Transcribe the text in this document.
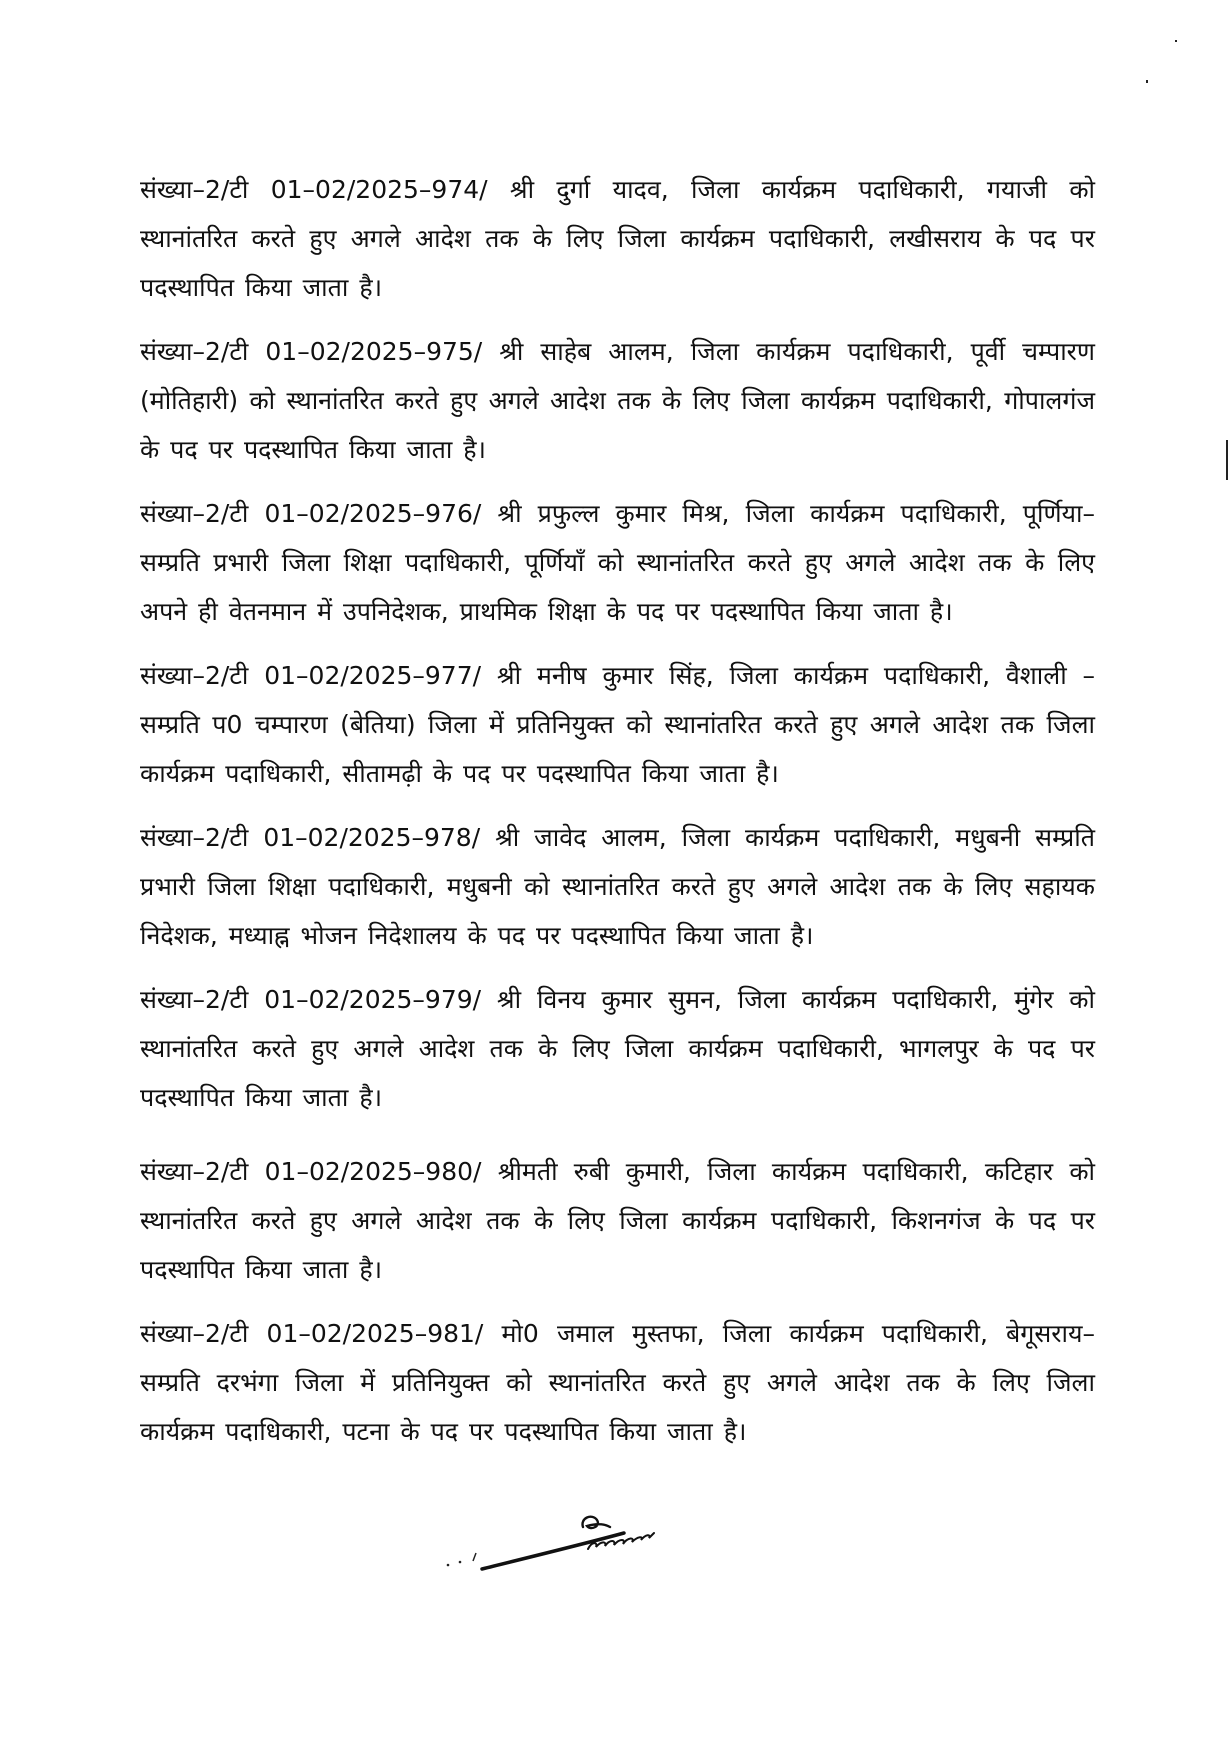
संख्या–2/टी 01–02/2025–974/ श्री दुर्गा यादव, जिला कार्यक्रम पदाधिकारी, गयाजी को स्थानांतरित करते हुए अगले आदेश तक के लिए जिला कार्यक्रम पदाधिकारी, लखीसराय के पद पर पदस्थापित किया जाता है।

संख्या–2/टी 01–02/2025–975/ श्री साहेब आलम, जिला कार्यक्रम पदाधिकारी, पूर्वी चम्पारण (मोतिहारी) को स्थानांतरित करते हुए अगले आदेश तक के लिए जिला कार्यक्रम पदाधिकारी, गोपालगंज के पद पर पदस्थापित किया जाता है।

संख्या–2/टी 01–02/2025–976/ श्री प्रफुल्ल कुमार मिश्र, जिला कार्यक्रम पदाधिकारी, पूर्णिया–सम्प्रति प्रभारी जिला शिक्षा पदाधिकारी, पूर्णियाँ को स्थानांतरित करते हुए अगले आदेश तक के लिए अपने ही वेतनमान में उपनिदेशक, प्राथमिक शिक्षा के पद पर पदस्थापित किया जाता है।

संख्या–2/टी 01–02/2025–977/ श्री मनीष कुमार सिंह, जिला कार्यक्रम पदाधिकारी, वैशाली –सम्प्रति प0 चम्पारण (बेतिया) जिला में प्रतिनियुक्त को स्थानांतरित करते हुए अगले आदेश तक जिला कार्यक्रम पदाधिकारी, सीतामढ़ी के पद पर पदस्थापित किया जाता है।

संख्या–2/टी 01–02/2025–978/ श्री जावेद आलम, जिला कार्यक्रम पदाधिकारी, मधुबनी सम्प्रति प्रभारी जिला शिक्षा पदाधिकारी, मधुबनी को स्थानांतरित करते हुए अगले आदेश तक के लिए सहायक निदेशक, मध्याह्न भोजन निदेशालय के पद पर पदस्थापित किया जाता है।

संख्या–2/टी 01–02/2025–979/ श्री विनय कुमार सुमन, जिला कार्यक्रम पदाधिकारी, मुंगेर को स्थानांतरित करते हुए अगले आदेश तक के लिए जिला कार्यक्रम पदाधिकारी, भागलपुर के पद पर पदस्थापित किया जाता है।

संख्या–2/टी 01–02/2025–980/ श्रीमती रुबी कुमारी, जिला कार्यक्रम पदाधिकारी, कटिहार को स्थानांतरित करते हुए अगले आदेश तक के लिए जिला कार्यक्रम पदाधिकारी, किशनगंज के पद पर पदस्थापित किया जाता है।

संख्या–2/टी 01–02/2025–981/ मो0 जमाल मुस्तफा, जिला कार्यक्रम पदाधिकारी, बेगूसराय–सम्प्रति दरभंगा जिला में प्रतिनियुक्त को स्थानांतरित करते हुए अगले आदेश तक के लिए जिला कार्यक्रम पदाधिकारी, पटना के पद पर पदस्थापित किया जाता है।
